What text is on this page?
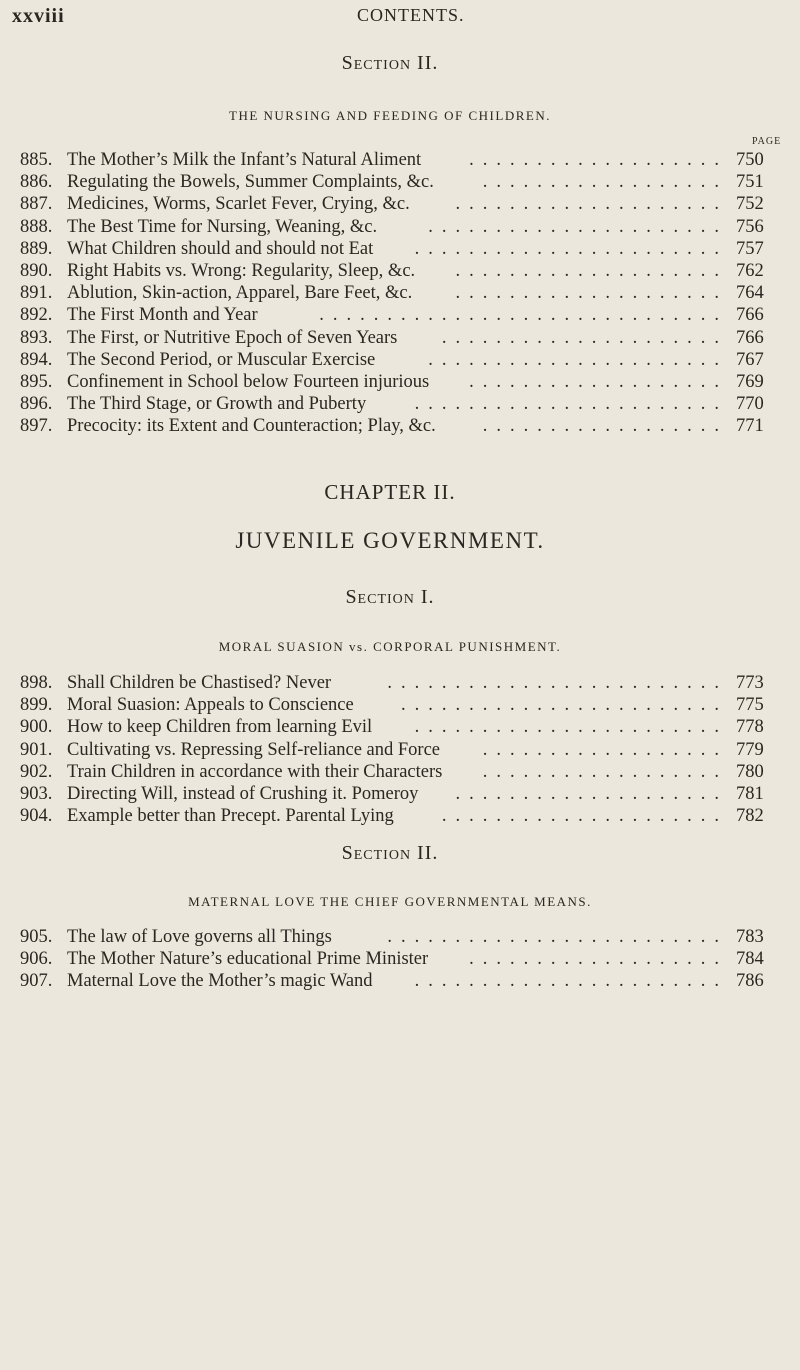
xxviii	CONTENTS.
Section II.
THE NURSING AND FEEDING OF CHILDREN.
PAGE
885. The Mother’s Milk the Infant’s Natural Aliment	................... 750
886. Regulating the Bowels, Summer Complaints, &c.	.................. 751
887. Medicines, Worms, Scarlet Fever, Crying, &c. .................... 752
888. The Best Time for Nursing, Weaning, &c.	...................... 756
889. What Children should and should not Eat ....................... 757
890. Right Habits vs. Wrong: Regularity, Sleep, &c. .................... 762
891. Ablution, Skin-action, Apparel, Bare Feet, &c. .................... 764
892. The First Month and Year	.............................. 766
893. The First, or Nutritive Epoch of Seven Years ..................... 766
894. The Second Period, or Muscular Exercise	...................... 767
895. Confinement in School below Fourteen injurious ................... 769
896. The Third Stage, or Growth and Puberty	....................... 770
897. Precocity: its Extent and Counteraction; Play, &c.	.................. 771
CHAPTER II.
JUVENILE GOVERNMENT.
Section I.
MORAL SUASION vs. CORPORAL PUNISHMENT.
898. Shall Children be Chastised? Never	......................... 773
899. Moral Suasion: Appeals to Conscience	........................ 775
900. How to keep Children from learning Evil ....................... 778
901. Cultivating vs. Repressing Self-reliance and Force .................. 779
902. Train Children in accordance with their Characters .................. 780
903. Directing Will, instead of Crushing it. Pomeroy .................... 781
904. Example better than Precept. Parental Lying	..................... 782
Section II.
MATERNAL LOVE THE CHIEF GOVERNMENTAL MEANS.
905. The law of Love governs all Things	......................... 783
906. The Mother Nature’s educational Prime Minister ................... 784
907. Maternal Love the Mother’s magic Wand ....................... 786
